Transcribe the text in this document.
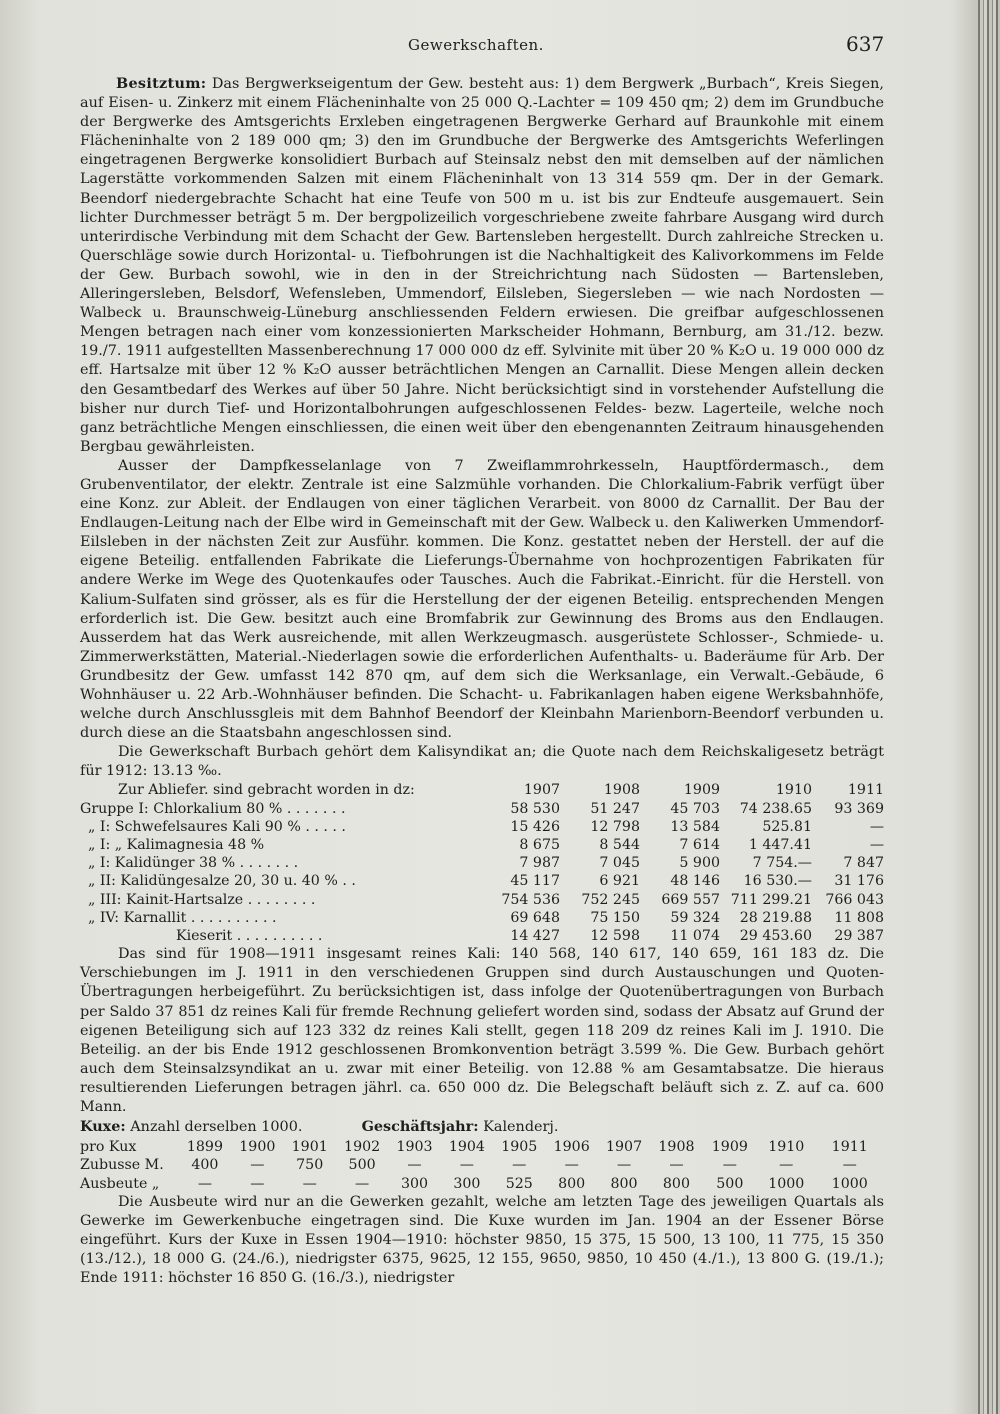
Gewerkschaften.	637

Besitztum: Das Bergwerkseigentum der Gew. besteht aus: 1) dem Bergwerk „Burbach“, Kreis Siegen, auf Eisen- u. Zinkerz mit einem Flächeninhalte von 25 000 Q.-Lachter = 109 450 qm; 2) dem im Grundbuche der Bergwerke des Amtsgerichts Erxleben eingetragenen Bergwerke Gerhard auf Braunkohle mit einem Flächeninhalte von 2 189 000 qm; 3) den im Grundbuche der Bergwerke des Amtsgerichts Weferlingen eingetragenen Bergwerke konsolidiert Burbach auf Steinsalz nebst den mit demselben auf der nämlichen Lagerstätte vorkommenden Salzen mit einem Flächeninhalt von 13 314 559 qm. Der in der Gemark. Beendorf niedergebrachte Schacht hat eine Teufe von 500 m u. ist bis zur Endteufe ausgemauert. Sein lichter Durchmesser beträgt 5 m. Der bergpolizeilich vorgeschriebene zweite fahrbare Ausgang wird durch unterirdische Verbindung mit dem Schacht der Gew. Bartensleben hergestellt. Durch zahlreiche Strecken u. Querschläge sowie durch Horizontal- u. Tiefbohrungen ist die Nachhaltigkeit des Kalivorkommens im Felde der Gew. Burbach sowohl, wie in den in der Streichrichtung nach Südosten — Bartensleben, Alleringersleben, Belsdorf, Wefensleben, Ummendorf, Eilsleben, Siegersleben — wie nach Nordosten — Walbeck u. Braunschweig-Lüneburg anschliessenden Feldern erwiesen. Die greifbar aufgeschlossenen Mengen betragen nach einer vom konzessionierten Markscheider Hohmann, Bernburg, am 31./12. bezw. 19./7. 1911 aufgestellten Massenberechnung 17 000 000 dz eff. Sylvinite mit über 20 % K₂O u. 19 000 000 dz eff. Hartsalze mit über 12 % K₂O ausser beträchtlichen Mengen an Carnallit. Diese Mengen allein decken den Gesamtbedarf des Werkes auf über 50 Jahre. Nicht berücksichtigt sind in vorstehender Aufstellung die bisher nur durch Tief- und Horizontalbohrungen aufgeschlossenen Feldes- bezw. Lagerteile, welche noch ganz beträchtliche Mengen einschliessen, die einen weit über den ebengenannten Zeitraum hinausgehenden Bergbau gewährleisten.

Ausser der Dampfkesselanlage von 7 Zweiflammrohrkesseln, Hauptfördermasch., dem Grubenventilator, der elektr. Zentrale ist eine Salzmühle vorhanden. Die Chlorkalium-Fabrik verfügt über eine Konz. zur Ableit. der Endlaugen von einer täglichen Verarbeit. von 8000 dz Carnallit. Der Bau der Endlaugen-Leitung nach der Elbe wird in Gemeinschaft mit der Gew. Walbeck u. den Kaliwerken Ummendorf-Eilsleben in der nächsten Zeit zur Ausführ. kommen. Die Konz. gestattet neben der Herstell. der auf die eigene Beteilig. entfallenden Fabrikate die Lieferungs-Übernahme von hochprozentigen Fabrikaten für andere Werke im Wege des Quotenkaufes oder Tausches. Auch die Fabrikat.-Einricht. für die Herstell. von Kalium-Sulfaten sind grösser, als es für die Herstellung der der eigenen Beteilig. entsprechenden Mengen erforderlich ist. Die Gew. besitzt auch eine Bromfabrik zur Gewinnung des Broms aus den Endlaugen. Ausserdem hat das Werk ausreichende, mit allen Werkzeugmasch. ausgerüstete Schlosser-, Schmiede- u. Zimmerwerkstätten, Material.-Niederlagen sowie die erforderlichen Aufenthalts- u. Baderäume für Arb. Der Grundbesitz der Gew. umfasst 142 870 qm, auf dem sich die Werksanlage, ein Verwalt.-Gebäude, 6 Wohnhäuser u. 22 Arb.-Wohnhäuser befinden. Die Schacht- u. Fabrikanlagen haben eigene Werksbahnhöfe, welche durch Anschlussgleis mit dem Bahnhof Beendorf der Kleinbahn Marienborn-Beendorf verbunden u. durch diese an die Staatsbahn angeschlossen sind.

Die Gewerkschaft Burbach gehört dem Kalisyndikat an; die Quote nach dem Reichskaligesetz beträgt für 1912: 13.13 ‰.

Zur Abliefer. sind gebracht worden in dz:	1907	1908	1909	1910	1911
Gruppe I: Chlorkalium 80 % . . . . . . .	58 530	51 247	45 703	74 238.65	93 369
„ I: Schwefelsaures Kali 90 % . . . . .	15 426	12 798	13 584	525.81	—
„ I: „ Kalimagnesia 48 %	8 675	8 544	7 614	1 447.41	—
„ I: Kalidünger 38 % . . . . . . .	7 987	7 045	5 900	7 754.—	7 847
„ II: Kalidüngesalze 20, 30 u. 40 % . .	45 117	6 921	48 146	16 530.—	31 176
„ III: Kainit-Hartsalze . . . . . . . .	754 536	752 245	669 557	711 299.21	766 043
„ IV: Karnallit . . . . . . . . . .	69 648	75 150	59 324	28 219.88	11 808
Kieserit . . . . . . . . . .	14 427	12 598	11 074	29 453.60	29 387

Das sind für 1908—1911 insgesamt reines Kali: 140 568, 140 617, 140 659, 161 183 dz. Die Verschiebungen im J. 1911 in den verschiedenen Gruppen sind durch Austauschungen und Quoten-Übertragungen herbeigeführt. Zu berücksichtigen ist, dass infolge der Quotenübertragungen von Burbach per Saldo 37 851 dz reines Kali für fremde Rechnung geliefert worden sind, sodass der Absatz auf Grund der eigenen Beteiligung sich auf 123 332 dz reines Kali stellt, gegen 118 209 dz reines Kali im J. 1910. Die Beteilig. an der bis Ende 1912 geschlossenen Bromkonvention beträgt 3.599 %. Die Gew. Burbach gehört auch dem Steinsalzsyndikat an u. zwar mit einer Beteilig. von 12.88 % am Gesamtabsatze. Die hieraus resultierenden Lieferungen betragen jährl. ca. 650 000 dz. Die Belegschaft beläuft sich z. Z. auf ca. 600 Mann.

Kuxe: Anzahl derselben 1000.	Geschäftsjahr: Kalenderj.
pro Kux	1899	1900	1901	1902	1903	1904	1905	1906	1907	1908	1909	1910	1911
Zubusse M.	400	—	750	500	—	—	—	—	—	—	—	—	—
Ausbeute „	—	—	—	—	300	300	525	800	800	800	500	1000	1000

Die Ausbeute wird nur an die Gewerken gezahlt, welche am letzten Tage des jeweiligen Quartals als Gewerke im Gewerkenbuche eingetragen sind. Die Kuxe wurden im Jan. 1904 an der Essener Börse eingeführt. Kurs der Kuxe in Essen 1904—1910: höchster 9850, 15 375, 15 500, 13 100, 11 775, 15 350 (13./12.), 18 000 G. (24./6.), niedrigster 6375, 9625, 12 155, 9650, 9850, 10 450 (4./1.), 13 800 G. (19./1.); Ende 1911: höchster 16 850 G. (16./3.), niedrigster
